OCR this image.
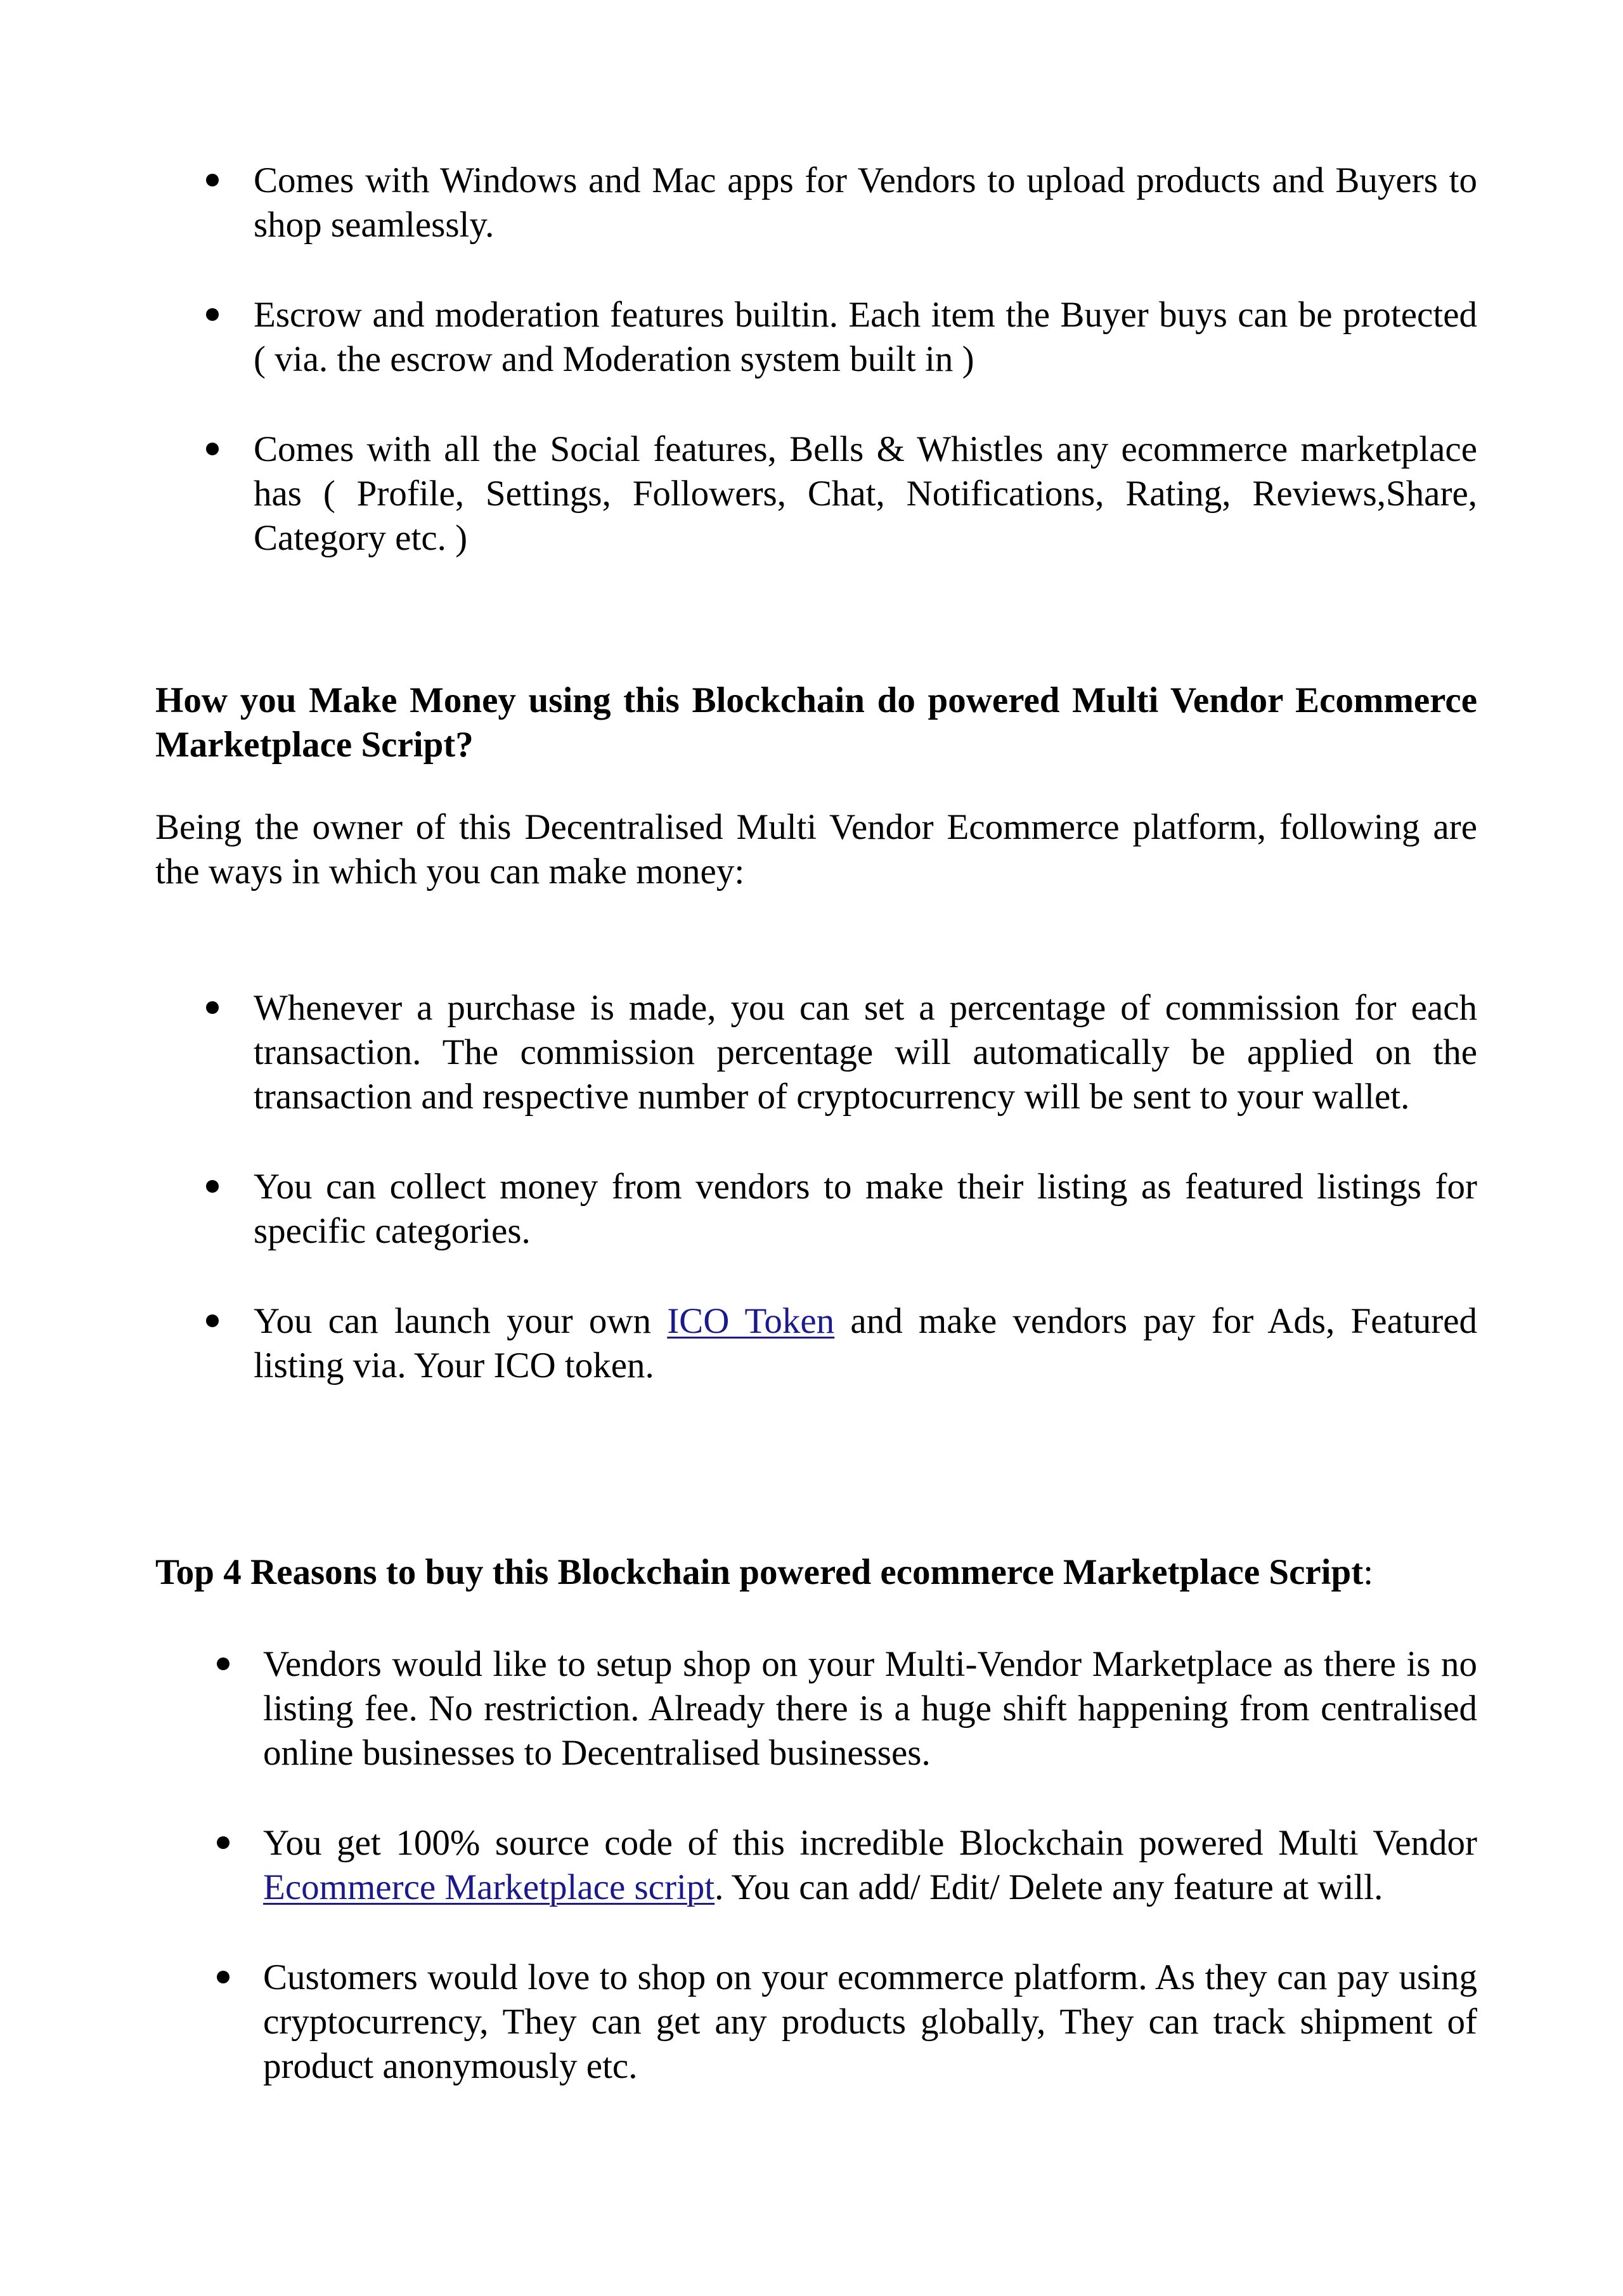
Comes with Windows and Mac apps for Vendors to upload products and Buyers to shop seamlessly.
Escrow and moderation features builtin. Each item the Buyer buys can be protected ( via. the escrow and Moderation system built in )
Comes with all the Social features, Bells & Whistles any ecommerce marketplace has ( Profile, Settings, Followers, Chat, Notifications, Rating, Reviews,Share, Category etc. )
How you Make Money using this Blockchain do powered Multi Vendor Ecommerce Marketplace Script?

Being the owner of this Decentralised Multi Vendor Ecommerce platform, following are the ways in which you can make money:

Whenever a purchase is made, you can set a percentage of commission for each transaction. The commission percentage will automatically be applied on the transaction and respective number of cryptocurrency will be sent to your wallet.
You can collect money from vendors to make their listing as featured listings for specific categories.
You can launch your own ICO Token and make vendors pay for Ads, Featured listing via. Your ICO token.
Top 4 Reasons to buy this Blockchain powered ecommerce Marketplace Script:
Vendors would like to setup shop on your Multi-Vendor Marketplace as there is no listing fee. No restriction. Already there is a huge shift happening from centralised online businesses to Decentralised businesses.
You get 100% source code of this incredible Blockchain powered Multi Vendor Ecommerce Marketplace script. You can add/ Edit/ Delete any feature at will.
Customers would love to shop on your ecommerce platform. As they can pay using cryptocurrency, They can get any products globally, They can track shipment of product anonymously etc.
